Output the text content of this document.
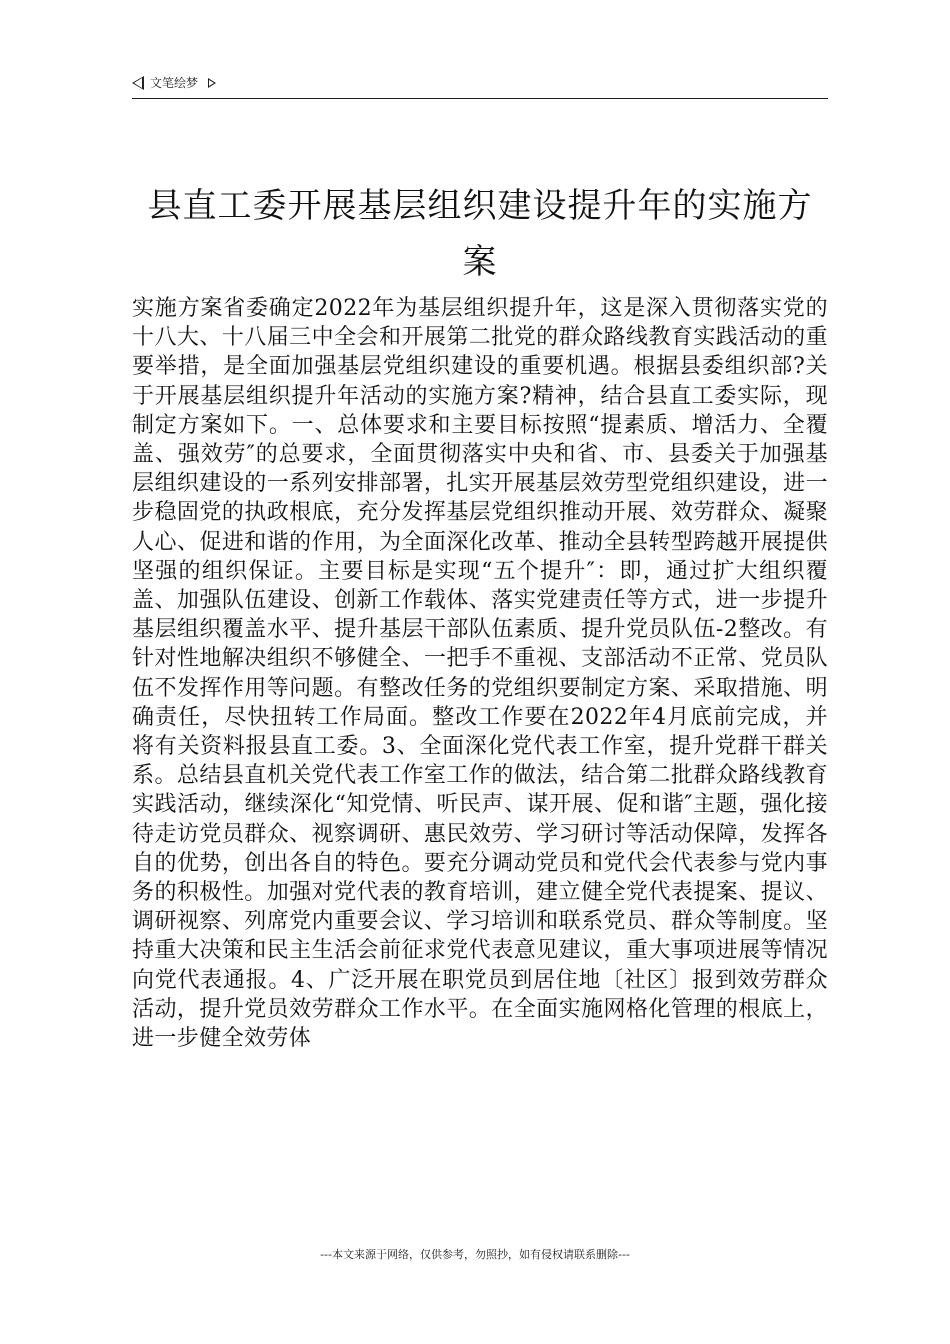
文笔绘梦
县直工委开展基层组织建设提升年的实施方案

实施方案省委确定2022年为基层组织提升年，这是深入贯彻落实党的十八大、十八届三中全会和开展第二批党的群众路线教育实践活动的重要举措，是全面加强基层党组织建设的重要机遇。根据县委组织部?关于开展基层组织提升年活动的实施方案?精神，结合县直工委实际，现制定方案如下。一、总体要求和主要目标按照“提素质、增活力、全覆盖、强效劳″的总要求，全面贯彻落实中央和省、市、县委关于加强基层组织建设的一系列安排部署，扎实开展基层效劳型党组织建设，进一步稳固党的执政根底，充分发挥基层党组织推动开展、效劳群众、凝聚人心、促进和谐的作用，为全面深化改革、推动全县转型跨越开展提供坚强的组织保证。主要目标是实现“五个提升″：即，通过扩大组织覆盖、加强队伍建设、创新工作载体、落实党建责任等方式，进一步提升基层组织覆盖水平、提升基层干部队伍素质、提升党员队伍-2整改。有针对性地解决组织不够健全、一把手不重视、支部活动不正常、党员队伍不发挥作用等问题。有整改任务的党组织要制定方案、采取措施、明确责任，尽快扭转工作局面。整改工作要在2022年4月底前完成，并将有关资料报县直工委。3、全面深化党代表工作室，提升党群干群关系。总结县直机关党代表工作室工作的做法，结合第二批群众路线教育实践活动，继续深化“知党情、听民声、谋开展、促和谐″主题，强化接待走访党员群众、视察调研、惠民效劳、学习研讨等活动保障，发挥各自的优势，创出各自的特色。要充分调动党员和党代会代表参与党内事务的积极性。加强对党代表的教育培训，建立健全党代表提案、提议、调研视察、列席党内重要会议、学习培训和联系党员、群众等制度。坚持重大决策和民主生活会前征求党代表意见建议，重大事项进展等情况向党代表通报。4、广泛开展在职党员到居住地〔社区〕报到效劳群众活动，提升党员效劳群众工作水平。在全面实施网格化管理的根底上，进一步健全效劳体

---本文来源于网络，仅供参考，勿照抄，如有侵权请联系删除---
